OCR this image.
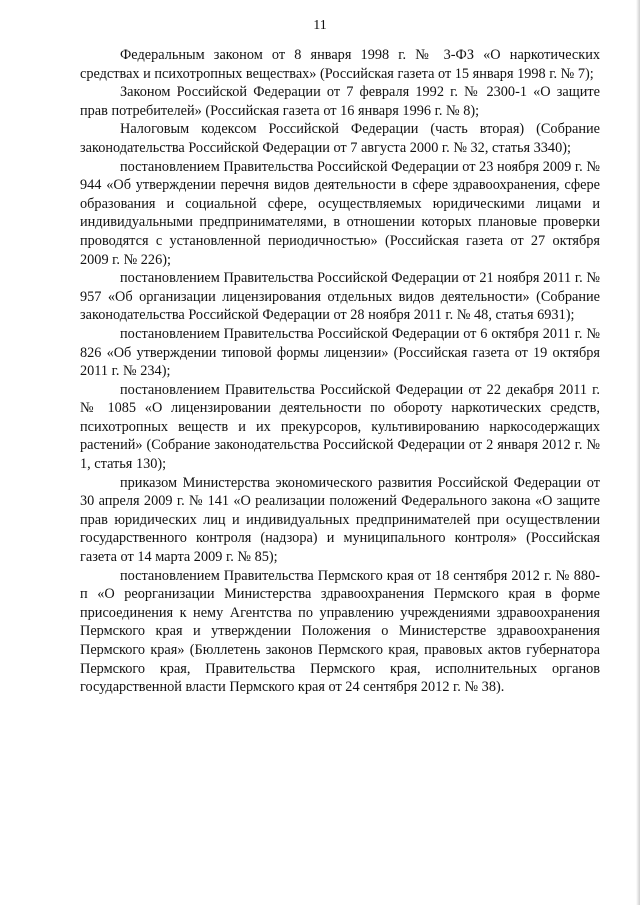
11

Федеральным законом от 8 января 1998 г. № 3-ФЗ «О наркотических средствах и психотропных веществах» (Российская газета от 15 января 1998 г. № 7);

Законом Российской Федерации от 7 февраля 1992 г. № 2300-1 «О защите прав потребителей» (Российская газета от 16 января 1996 г. № 8);

Налоговым кодексом Российской Федерации (часть вторая) (Собрание законодательства Российской Федерации от 7 августа 2000 г. № 32, статья 3340);

постановлением Правительства Российской Федерации от 23 ноября 2009 г. № 944 «Об утверждении перечня видов деятельности в сфере здравоохранения, сфере образования и социальной сфере, осуществляемых юридическими лицами и индивидуальными предпринимателями, в отношении которых плановые проверки проводятся с установленной периодичностью» (Российская газета от 27 октября 2009 г. № 226);

постановлением Правительства Российской Федерации от 21 ноября 2011 г. № 957 «Об организации лицензирования отдельных видов деятельности» (Собрание законодательства Российской Федерации от 28 ноября 2011 г. № 48, статья 6931);

постановлением Правительства Российской Федерации от 6 октября 2011 г. № 826 «Об утверждении типовой формы лицензии» (Российская газета от 19 октября 2011 г. № 234);

постановлением Правительства Российской Федерации от 22 декабря 2011 г. № 1085 «О лицензировании деятельности по обороту наркотических средств, психотропных веществ и их прекурсоров, культивированию наркосодержащих растений» (Собрание законодательства Российской Федерации от 2 января 2012 г. № 1, статья 130);

приказом Министерства экономического развития Российской Федерации от 30 апреля 2009 г. № 141 «О реализации положений Федерального закона «О защите прав юридических лиц и индивидуальных предпринимателей при осуществлении государственного контроля (надзора) и муниципального контроля» (Российская газета от 14 марта 2009 г. № 85);

постановлением Правительства Пермского края от 18 сентября 2012 г. № 880-п «О реорганизации Министерства здравоохранения Пермского края в форме присоединения к нему Агентства по управлению учреждениями здравоохранения Пермского края и утверждении Положения о Министерстве здравоохранения Пермского края» (Бюллетень законов Пермского края, правовых актов губернатора Пермского края, Правительства Пермского края, исполнительных органов государственной власти Пермского края от 24 сентября 2012 г. № 38).
